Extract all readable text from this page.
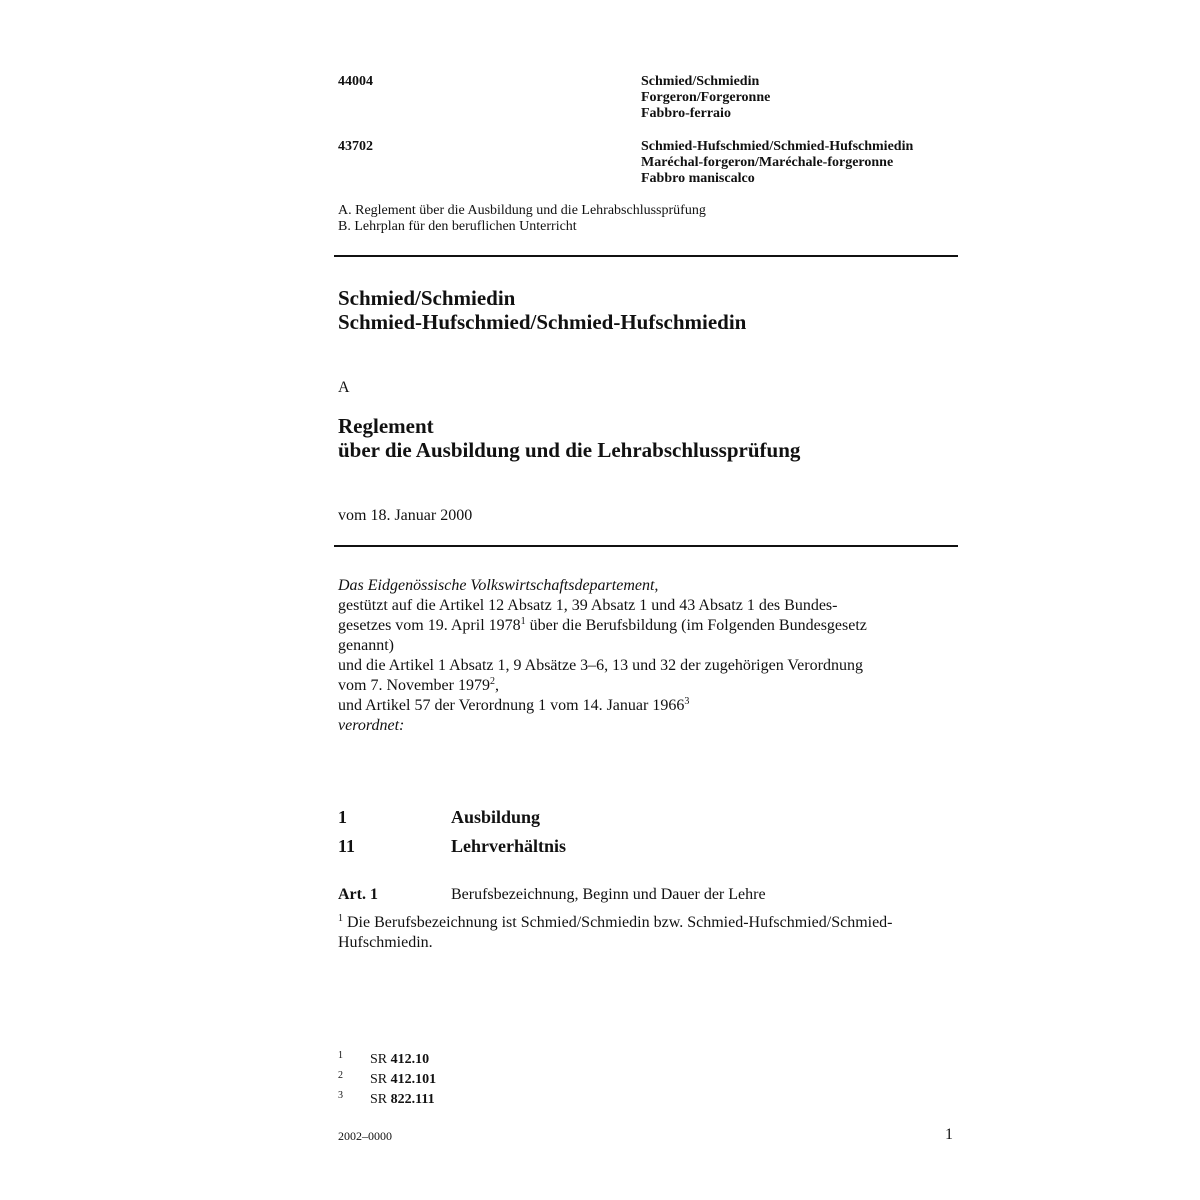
44004	Schmied/Schmiedin
Forgeron/Forgeronne
Fabbro-ferraio
43702	Schmied-Hufschmied/Schmied-Hufschmiedin
Maréchal-forgeron/Maréchale-forgeronne
Fabbro maniscalco
A. Reglement über die Ausbildung und die Lehrabschlussprüfung
B. Lehrplan für den beruflichen Unterricht
Schmied/Schmiedin
Schmied-Hufschmied/Schmied-Hufschmiedin
A
Reglement
über die Ausbildung und die Lehrabschlussprüfung
vom 18. Januar 2000
Das Eidgenössische Volkswirtschaftsdepartement,
gestützt auf die Artikel 12 Absatz 1, 39 Absatz 1 und 43 Absatz 1 des Bundes-
gesetzes vom 19. April 1978$^1$ über die Berufsbildung (im Folgenden Bundesgesetz
genannt)
und die Artikel 1 Absatz 1, 9 Absätze 3–6, 13 und 32 der zugehörigen Verordnung
vom 7. November 1979$^2$,
und Artikel 57 der Verordnung 1 vom 14. Januar 1966$^3$
verordnet:
1	Ausbildung
11	Lehrverhältnis
Art. 1	Berufsbezeichnung, Beginn und Dauer der Lehre
$^1$ Die Berufsbezeichnung ist Schmied/Schmiedin bzw. Schmied-Hufschmied/Schmied-
Hufschmiedin.
1 SR 412.10
2 SR 412.101
3 SR 822.111
2002–0000	1
